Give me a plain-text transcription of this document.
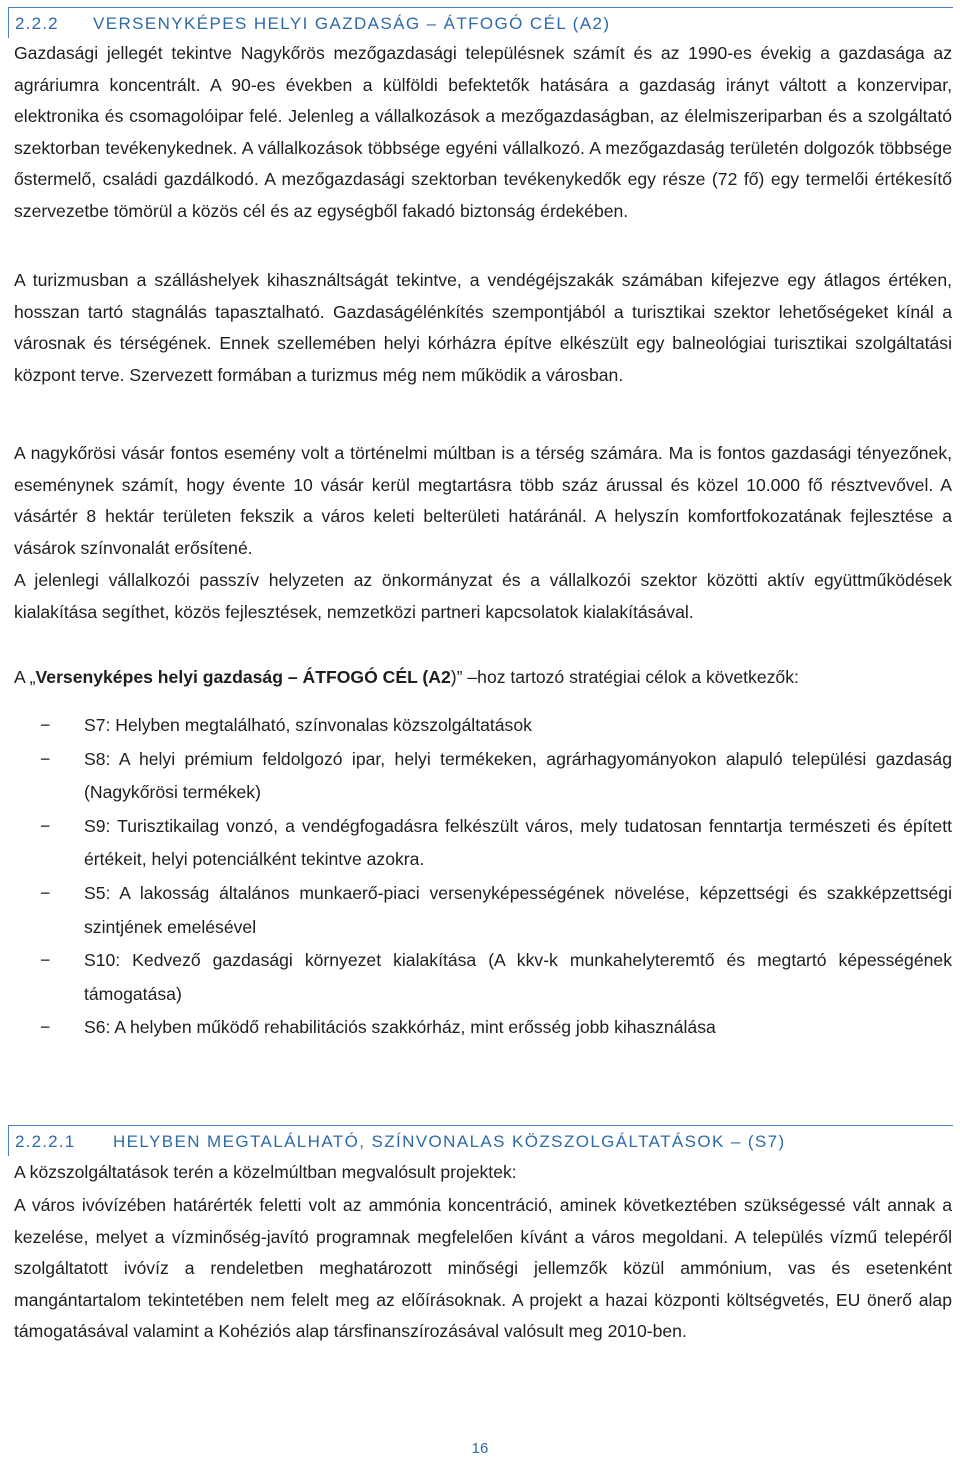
2.2.2 VERSENYKÉPES HELYI GAZDASÁG – ÁTFOGÓ CÉL (A2)

Gazdasági jellegét tekintve Nagykőrös mezőgazdasági településnek számít és az 1990-es évekig a gazdasága az agráriumra koncentrált. A 90-es években a külföldi befektetők hatására a gazdaság irányt váltott a konzervipar, elektronika és csomagolóipar felé. Jelenleg a vállalkozások a mezőgazdaságban, az élelmiszeriparban és a szolgáltató szektorban tevékenykednek. A vállalkozások többsége egyéni vállalkozó. A mezőgazdaság területén dolgozók többsége őstermelő, családi gazdálkodó. A mezőgazdasági szektorban tevékenykedők egy része (72 fő) egy termelői értékesítő szervezetbe tömörül a közös cél és az egységből fakadó biztonság érdekében.

A turizmusban a szálláshelyek kihasználtságát tekintve, a vendégéjszakák számában kifejezve egy átlagos értéken, hosszan tartó stagnálás tapasztalható. Gazdaságélénkítés szempontjából a turisztikai szektor lehetőségeket kínál a városnak és térségének. Ennek szellemében helyi kórházra építve elkészült egy balneológiai turisztikai szolgáltatási központ terve. Szervezett formában a turizmus még nem működik a városban.

A nagykőrösi vásár fontos esemény volt a történelmi múltban is a térség számára. Ma is fontos gazdasági tényezőnek, eseménynek számít, hogy évente 10 vásár kerül megtartásra több száz árussal és közel 10.000 fő résztvevővel. A vásártér 8 hektár területen fekszik a város keleti belterületi határánál. A helyszín komfortfokozatának fejlesztése a vásárok színvonalát erősítené.

A jelenlegi vállalkozói passzív helyzeten az önkormányzat és a vállalkozói szektor közötti aktív együttműködések kialakítása segíthet, közös fejlesztések, nemzetközi partneri kapcsolatok kialakításával.

A „Versenyképes helyi gazdaság – ÁTFOGÓ CÉL (A2)” –hoz tartozó stratégiai célok a következők:

−	S7: Helyben megtalálható, színvonalas közszolgáltatások
−	S8: A helyi prémium feldolgozó ipar, helyi termékeken, agrárhagyományokon alapuló települési gazdaság (Nagykőrösi termékek)
−	S9: Turisztikailag vonzó, a vendégfogadásra felkészült város, mely tudatosan fenntartja természeti és épített értékeit, helyi potenciálként tekintve azokra.
−	S5: A lakosság általános munkaerő-piaci versenyképességének növelése, képzettségi és szakképzettségi szintjének emelésével
−	S10: Kedvező gazdasági környezet kialakítása (A kkv-k munkahelyteremtő és megtartó képességének támogatása)
−	S6: A helyben működő rehabilitációs szakkórház, mint erősség jobb kihasználása
2.2.2.1 HELYBEN MEGTALÁLHATÓ, SZÍNVONALAS KÖZSZOLGÁLTATÁSOK – (S7)

A közszolgáltatások terén a közelmúltban megvalósult projektek:

A város ivóvízében határérték feletti volt az ammónia koncentráció, aminek következtében szükségessé vált annak a kezelése, melyet a vízminőség-javító programnak megfelelően kívánt a város megoldani. A település vízmű telepéről szolgáltatott ivóvíz a rendeletben meghatározott minőségi jellemzők közül ammónium, vas és esetenként mangántartalom tekintetében nem felelt meg az előírásoknak. A projekt a hazai központi költségvetés, EU önerő alap támogatásával valamint a Kohéziós alap társfinanszírozásával valósult meg 2010-ben.

16
